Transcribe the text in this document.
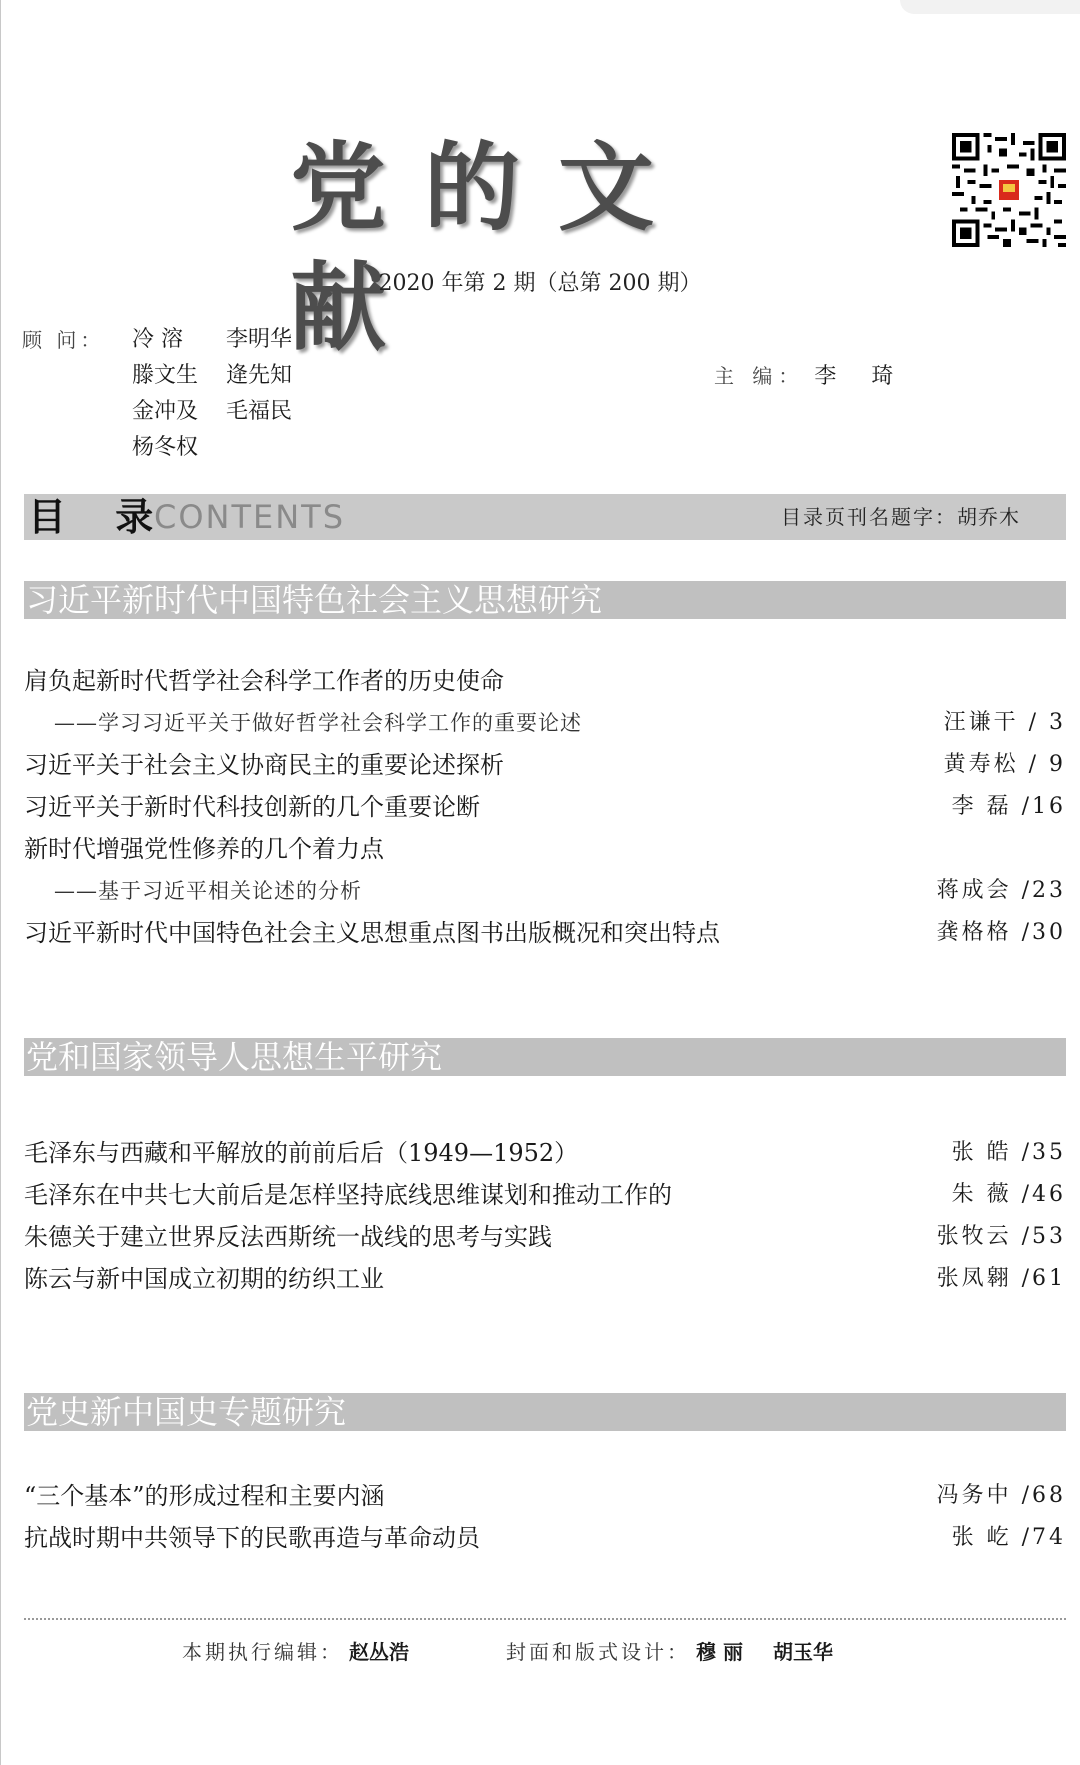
党的文献
2020 年第 2 期（总第 200 期）
顾 问：	冷 溶 李明华
滕文生 逄先知
金冲及 毛福民
杨冬权
主 编： 李 琦
目 录
CONTENTS	目录页刊名题字：胡乔木
习近平新时代中国特色社会主义思想研究
肩负起新时代哲学社会科学工作者的历史使命
——学习习近平关于做好哲学社会科学工作的重要论述	汪谦干 / 3
习近平关于社会主义协商民主的重要论述探析	黄寿松 / 9
习近平关于新时代科技创新的几个重要论断	李 磊 /16
新时代增强党性修养的几个着力点
——基于习近平相关论述的分析	蒋成会 /23
习近平新时代中国特色社会主义思想重点图书出版概况和突出特点	龚格格 /30
党和国家领导人思想生平研究
毛泽东与西藏和平解放的前前后后（1949—1952）	张 皓 /35
毛泽东在中共七大前后是怎样坚持底线思维谋划和推动工作的	朱 薇 /46
朱德关于建立世界反法西斯统一战线的思考与实践	张牧云 /53
陈云与新中国成立初期的纺织工业	张凤翱 /61
党史新中国史专题研究
“三个基本”的形成过程和主要内涵	冯务中 /68
抗战时期中共领导下的民歌再造与革命动员	张 屹 /74
本期执行编辑： 赵丛浩	封面和版式设计： 穆 丽 胡玉华
